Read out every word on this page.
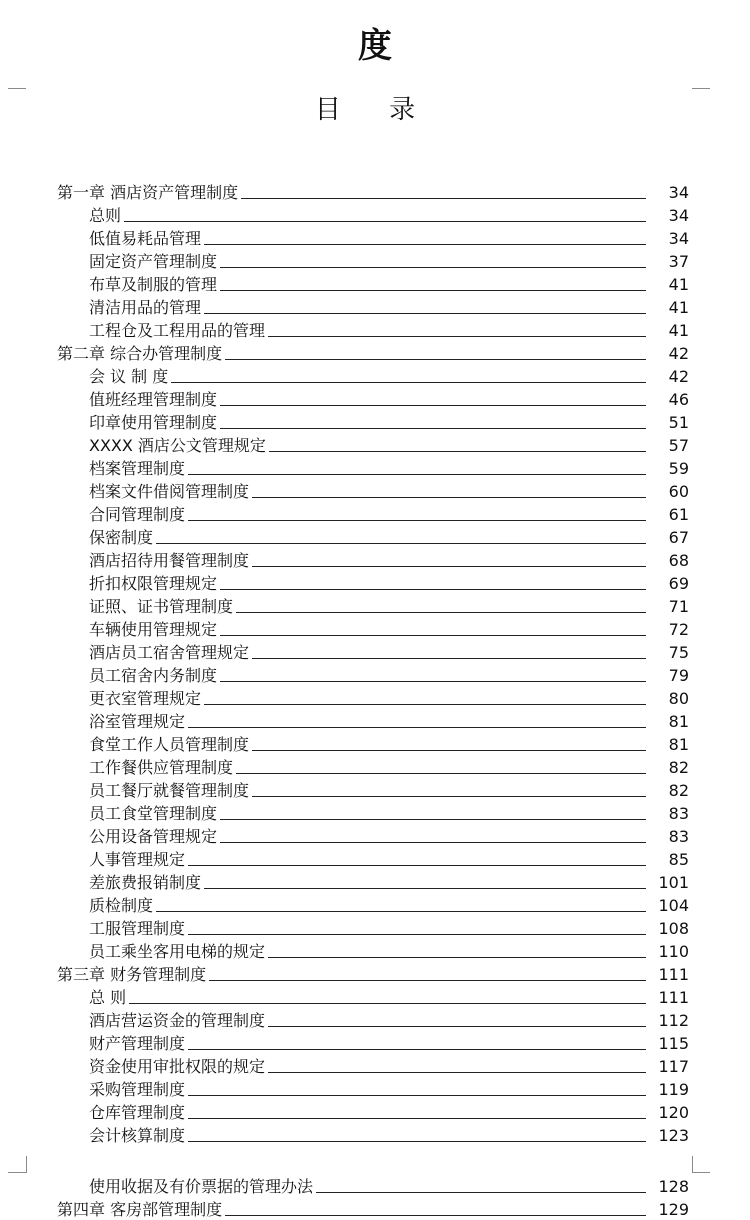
度
目 录
第一章 酒店资产管理制度	34
总则	34
低值易耗品管理	34
固定资产管理制度	37
布草及制服的管理	41
清洁用品的管理	41
工程仓及工程用品的管理	41
第二章 综合办管理制度	42
会 议 制 度	42
值班经理管理制度	46
印章使用管理制度	51
XXXX 酒店公文管理规定	57
档案管理制度	59
档案文件借阅管理制度	60
合同管理制度	61
保密制度	67
酒店招待用餐管理制度	68
折扣权限管理规定	69
证照、证书管理制度	71
车辆使用管理规定	72
酒店员工宿舍管理规定	75
员工宿舍内务制度	79
更衣室管理规定	80
浴室管理规定	81
食堂工作人员管理制度	81
工作餐供应管理制度	82
员工餐厅就餐管理制度	82
员工食堂管理制度	83
公用设备管理规定	83
人事管理规定	85
差旅费报销制度	101
质检制度	104
工服管理制度	108
员工乘坐客用电梯的规定	110
第三章 财务管理制度	111
总 则	111
酒店营运资金的管理制度	112
财产管理制度	115
资金使用审批权限的规定	117
采购管理制度	119
仓库管理制度	120
会计核算制度	123
使用收据及有价票据的管理办法	128
第四章 客房部管理制度	129
